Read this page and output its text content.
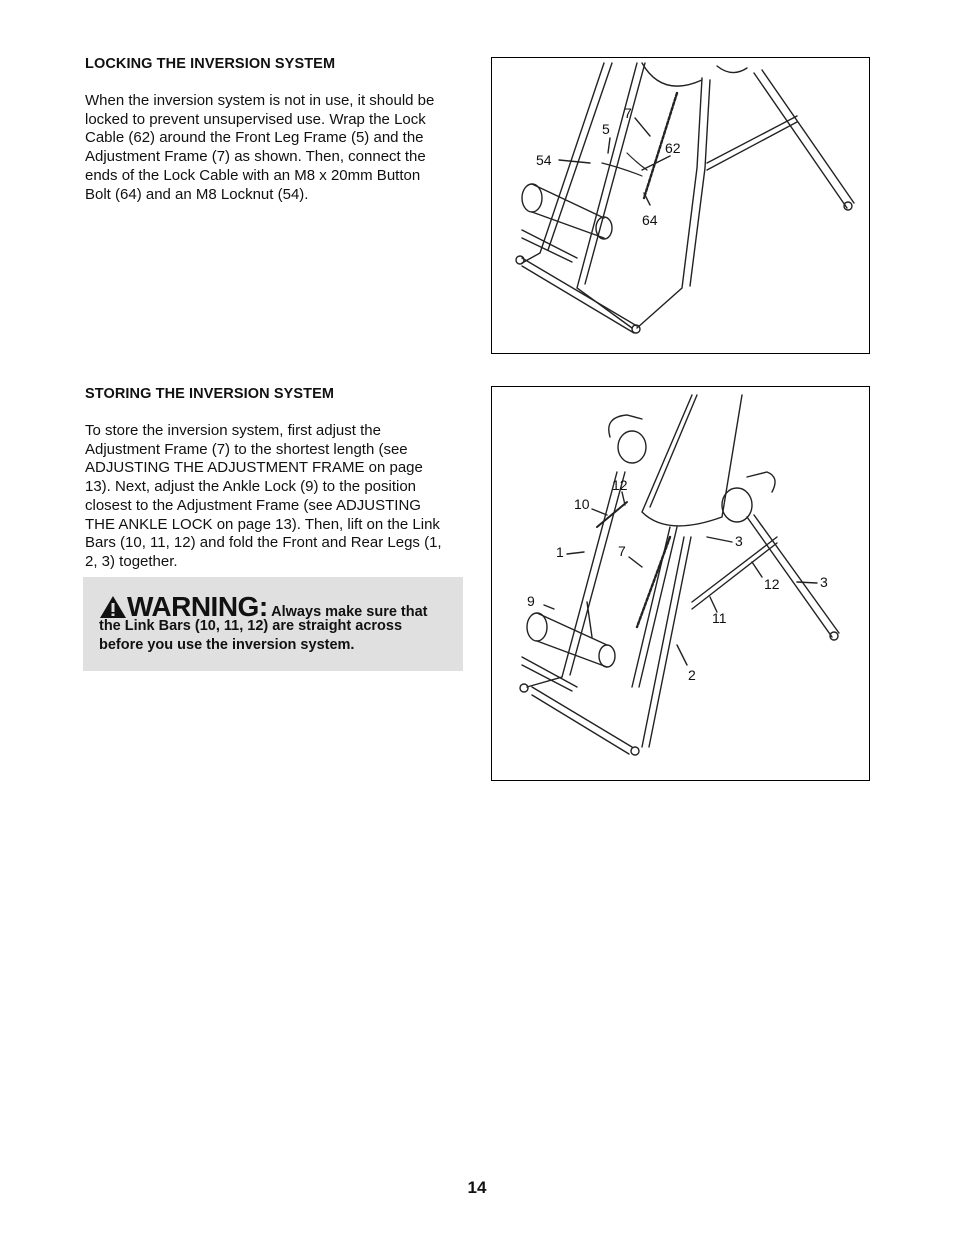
LOCKING THE INVERSION SYSTEM

When the inversion system is not in use, it should be

locked to prevent unsupervised use. Wrap the Lock

Cable (62) around the Front Leg Frame (5) and the

Adjustment Frame (7) as shown. Then, connect the

ends of the Lock Cable with an M8 x 20mm Button

Bolt (64) and an M8 Locknut (54).

7
5
62
54
64
STORING THE INVERSION SYSTEM

To store the inversion system, first adjust the

Adjustment Frame (7) to the shortest length (see

ADJUSTING THE ADJUSTMENT FRAME on page

13). Next, adjust the Ankle Lock (9) to the position

closest to the Adjustment Frame (see ADJUSTING

THE ANKLE LOCK on page 13). Then, lift on the Link

Bars (10, 11, 12) and fold the Front and Rear Legs (1,

2, 3) together.

WARNING: Always make sure that
the Link Bars (10, 11, 12) are straight across
before you use the inversion system.
12
10
1	7
3
12	3
9
11
2
14
